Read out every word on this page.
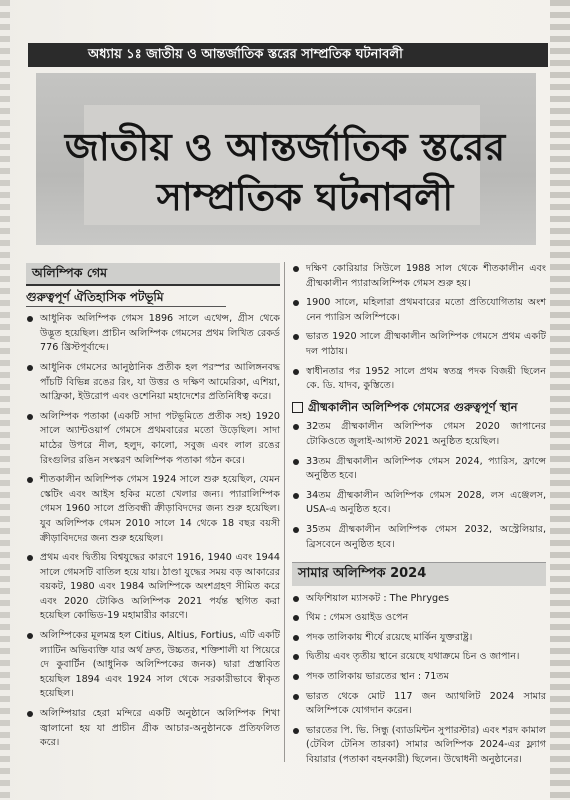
অধ্যায় ১ঃ জাতীয় ও আন্তর্জাতিক স্তরের সাম্প্রতিক ঘটনাবলী
জাতীয় ও আন্তর্জাতিক স্তরের
সাম্প্রতিক ঘটনাবলী
অলিম্পিক গেম
গুরুত্বপূর্ণ ঐতিহাসিক পটভূমি
আধুনিক অলিম্পিক গেমস 1896 সালে এথেন্স, গ্রীস থেকে উদ্ভূত হয়েছিল। প্রাচীন অলিম্পিক গেমসের প্রথম লিখিত রেকর্ড 776 খ্রিস্টপূর্বাব্দে।
আধুনিক গেমসের আনুষ্ঠানিক প্রতীক হল পরস্পর আলিঙ্গনবদ্ধ পাঁচটি বিভিন্ন রঙের রিং, যা উত্তর ও দক্ষিণ আমেরিকা, এশিয়া, আফ্রিকা, ইউরোপ এবং ওশেনিয়া মহাদেশের প্রতিনিধিত্ব করে।
অলিম্পিক পতাকা (একটি সাদা পটভূমিতে প্রতীক সহ) 1920 সালে অ্যান্টওয়ার্প গেমসে প্রথমবারের মতো উড়েছিল। সাদা মাঠের উপরে নীল, হলুদ, কালো, সবুজ এবং লাল রঙের রিংগুলির রঙিন সংস্করণ অলিম্পিক পতাকা গঠন করে।
শীতকালীন অলিম্পিক গেমস 1924 সালে শুরু হয়েছিল, যেমন স্কেটিং এবং আইস হকির মতো খেলার জন্য। প্যারালিম্পিক গেমস 1960 সালে প্রতিবন্ধী ক্রীড়াবিদদের জন্য শুরু হয়েছিল। যুব অলিম্পিক গেমস 2010 সালে 14 থেকে 18 বছর বয়সী ক্রীড়াবিদদের জন্য শুরু হয়েছিল।
প্রথম এবং দ্বিতীয় বিশ্বযুদ্ধের কারণে 1916, 1940 এবং 1944 সালে গেমসটি বাতিল হয়ে যায়। ঠাণ্ডা যুদ্ধের সময় বড় আকারের বয়কট, 1980 এবং 1984 অলিম্পিকে অংশগ্রহণ সীমিত করে এবং 2020 টোকিও অলিম্পিক 2021 পর্যন্ত স্থগিত করা হয়েছিল কোভিড-19 মহামারীর কারণে।
অলিম্পিকের মূলমন্ত্র হল Citius, Altius, Fortius, এটি একটি ল্যাটিন অভিব্যক্তি যার অর্থ দ্রুত, উচ্চতর, শক্তিশালী যা পিয়েরে দে কুবার্টিন (আধুনিক অলিম্পিকের জনক) দ্বারা প্রস্তাবিত হয়েছিল 1894 এবং 1924 সাল থেকে সরকারীভাবে স্বীকৃত হয়েছিল।
অলিম্পিয়ার হেরা মন্দিরে একটি অনুষ্ঠানে অলিম্পিক শিখা জ্বালানো হয় যা প্রাচীন গ্রীক আচার-অনুষ্ঠানকে প্রতিফলিত করে।
দক্ষিণ কোরিয়ার সিউলে 1988 সাল থেকে শীতকালীন এবং গ্রীষ্মকালীন প্যারাঅলিম্পিক গেমস শুরু হয়।
1900 সালে, মহিলারা প্রথমবারের মতো প্রতিযোগিতায় অংশ নেন প্যারিস অলিম্পিকে।
ভারত 1920 সালে গ্রীষ্মকালীন অলিম্পিক গেমসে প্রথম একটি দল পাঠায়।
স্বাধীনতার পর 1952 সালে প্রথম স্বতন্ত্র পদক বিজয়ী ছিলেন কে. ডি. যাদব, কুস্তিতে।
গ্রীষ্মকালীন অলিম্পিক গেমসের গুরুত্বপূর্ণ স্থান
32তম গ্রীষ্মকালীন অলিম্পিক গেমস 2020 জাপানের টোকিওতে জুলাই-আগস্ট 2021 অনুষ্ঠিত হয়েছিল।
33তম গ্রীষ্মকালীন অলিম্পিক গেমস 2024, প্যারিস, ফ্রান্সে অনুষ্ঠিত হবে।
34তম গ্রীষ্মকালীন অলিম্পিক গেমস 2028, লস এঞ্জেলস, USA-এ অনুষ্ঠিত হবে।
35তম গ্রীষ্মকালীন অলিম্পিক গেমস 2032, অস্ট্রেলিয়ার, ব্রিসবেনে অনুষ্ঠিত হবে।
সামার অলিম্পিক 2024
অফিশিয়াল ম্যাসকট : The Phryges
থিম : গেমস ওয়াইড ওপেন
পদক তালিকায় শীর্ষে রয়েছে মার্কিন যুক্তরাষ্ট্র।
দ্বিতীয় এবং তৃতীয় স্থানে রয়েছে যথাক্রমে চিন ও জাপান।
পদক তালিকায় ভারতের স্থান : 71তম
ভারত থেকে মোট 117 জন অ্যাথলিট 2024 সামার অলিম্পিকে যোগদান করেন।
ভারতের পি. ভি. সিন্ধু (ব্যাডমিন্টন সুপারস্টার) এবং শরদ কামাল (টেবিল টেনিস তারকা) সামার অলিম্পিক 2024-এর ফ্ল্যাগ বিয়ারার (পতাকা বহনকারী) ছিলেন। উদ্বোধনী অনুষ্ঠানের।
